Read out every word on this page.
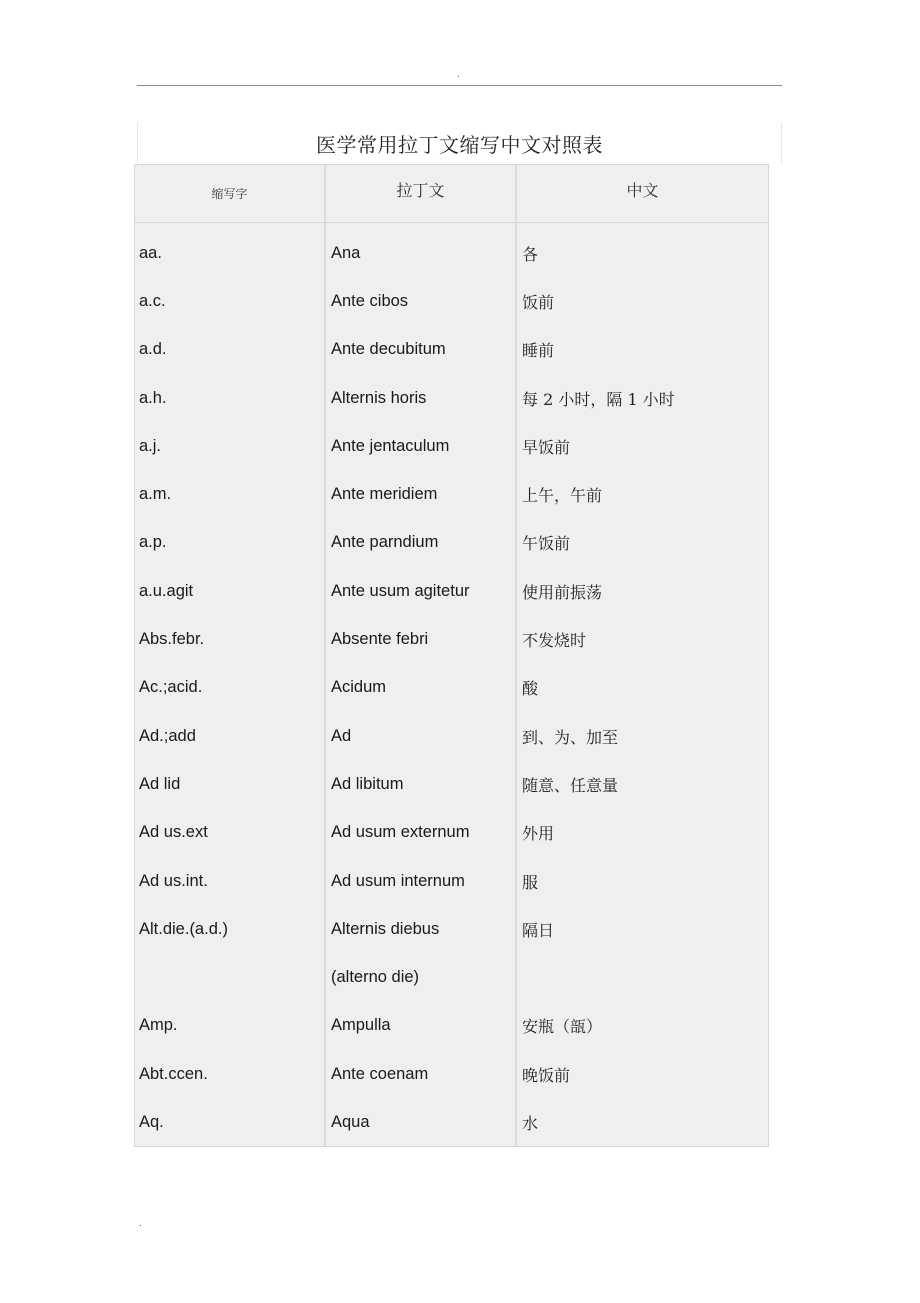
.
医学常用拉丁文缩写中文对照表
缩写字	拉丁文	中文
aa.	Ana	各
a.c.	Ante cibos	饭前
a.d.	Ante decubitum	睡前
a.h.	Alternis horis	每 2 小时，隔 1 小时
a.j.	Ante jentaculum	早饭前
a.m.	Ante meridiem	上午，午前
a.p.	Ante parndium	午饭前
a.u.agit	Ante usum agitetur	使用前振荡
Abs.febr.	Absente febri	不发烧时
Ac.;acid.	Acidum	酸
Ad.;add	Ad	到、为、加至
Ad lid	Ad libitum	随意、任意量
Ad us.ext	Ad usum externum	外用
Ad us.int.	Ad usum internum	服
Alt.die.(a.d.)	Alternis diebus	隔日
(alterno die)
Amp.	Ampulla	安瓶（瓿）
Abt.ccen.	Ante coenam	晚饭前
Aq.	Aqua	水
.
